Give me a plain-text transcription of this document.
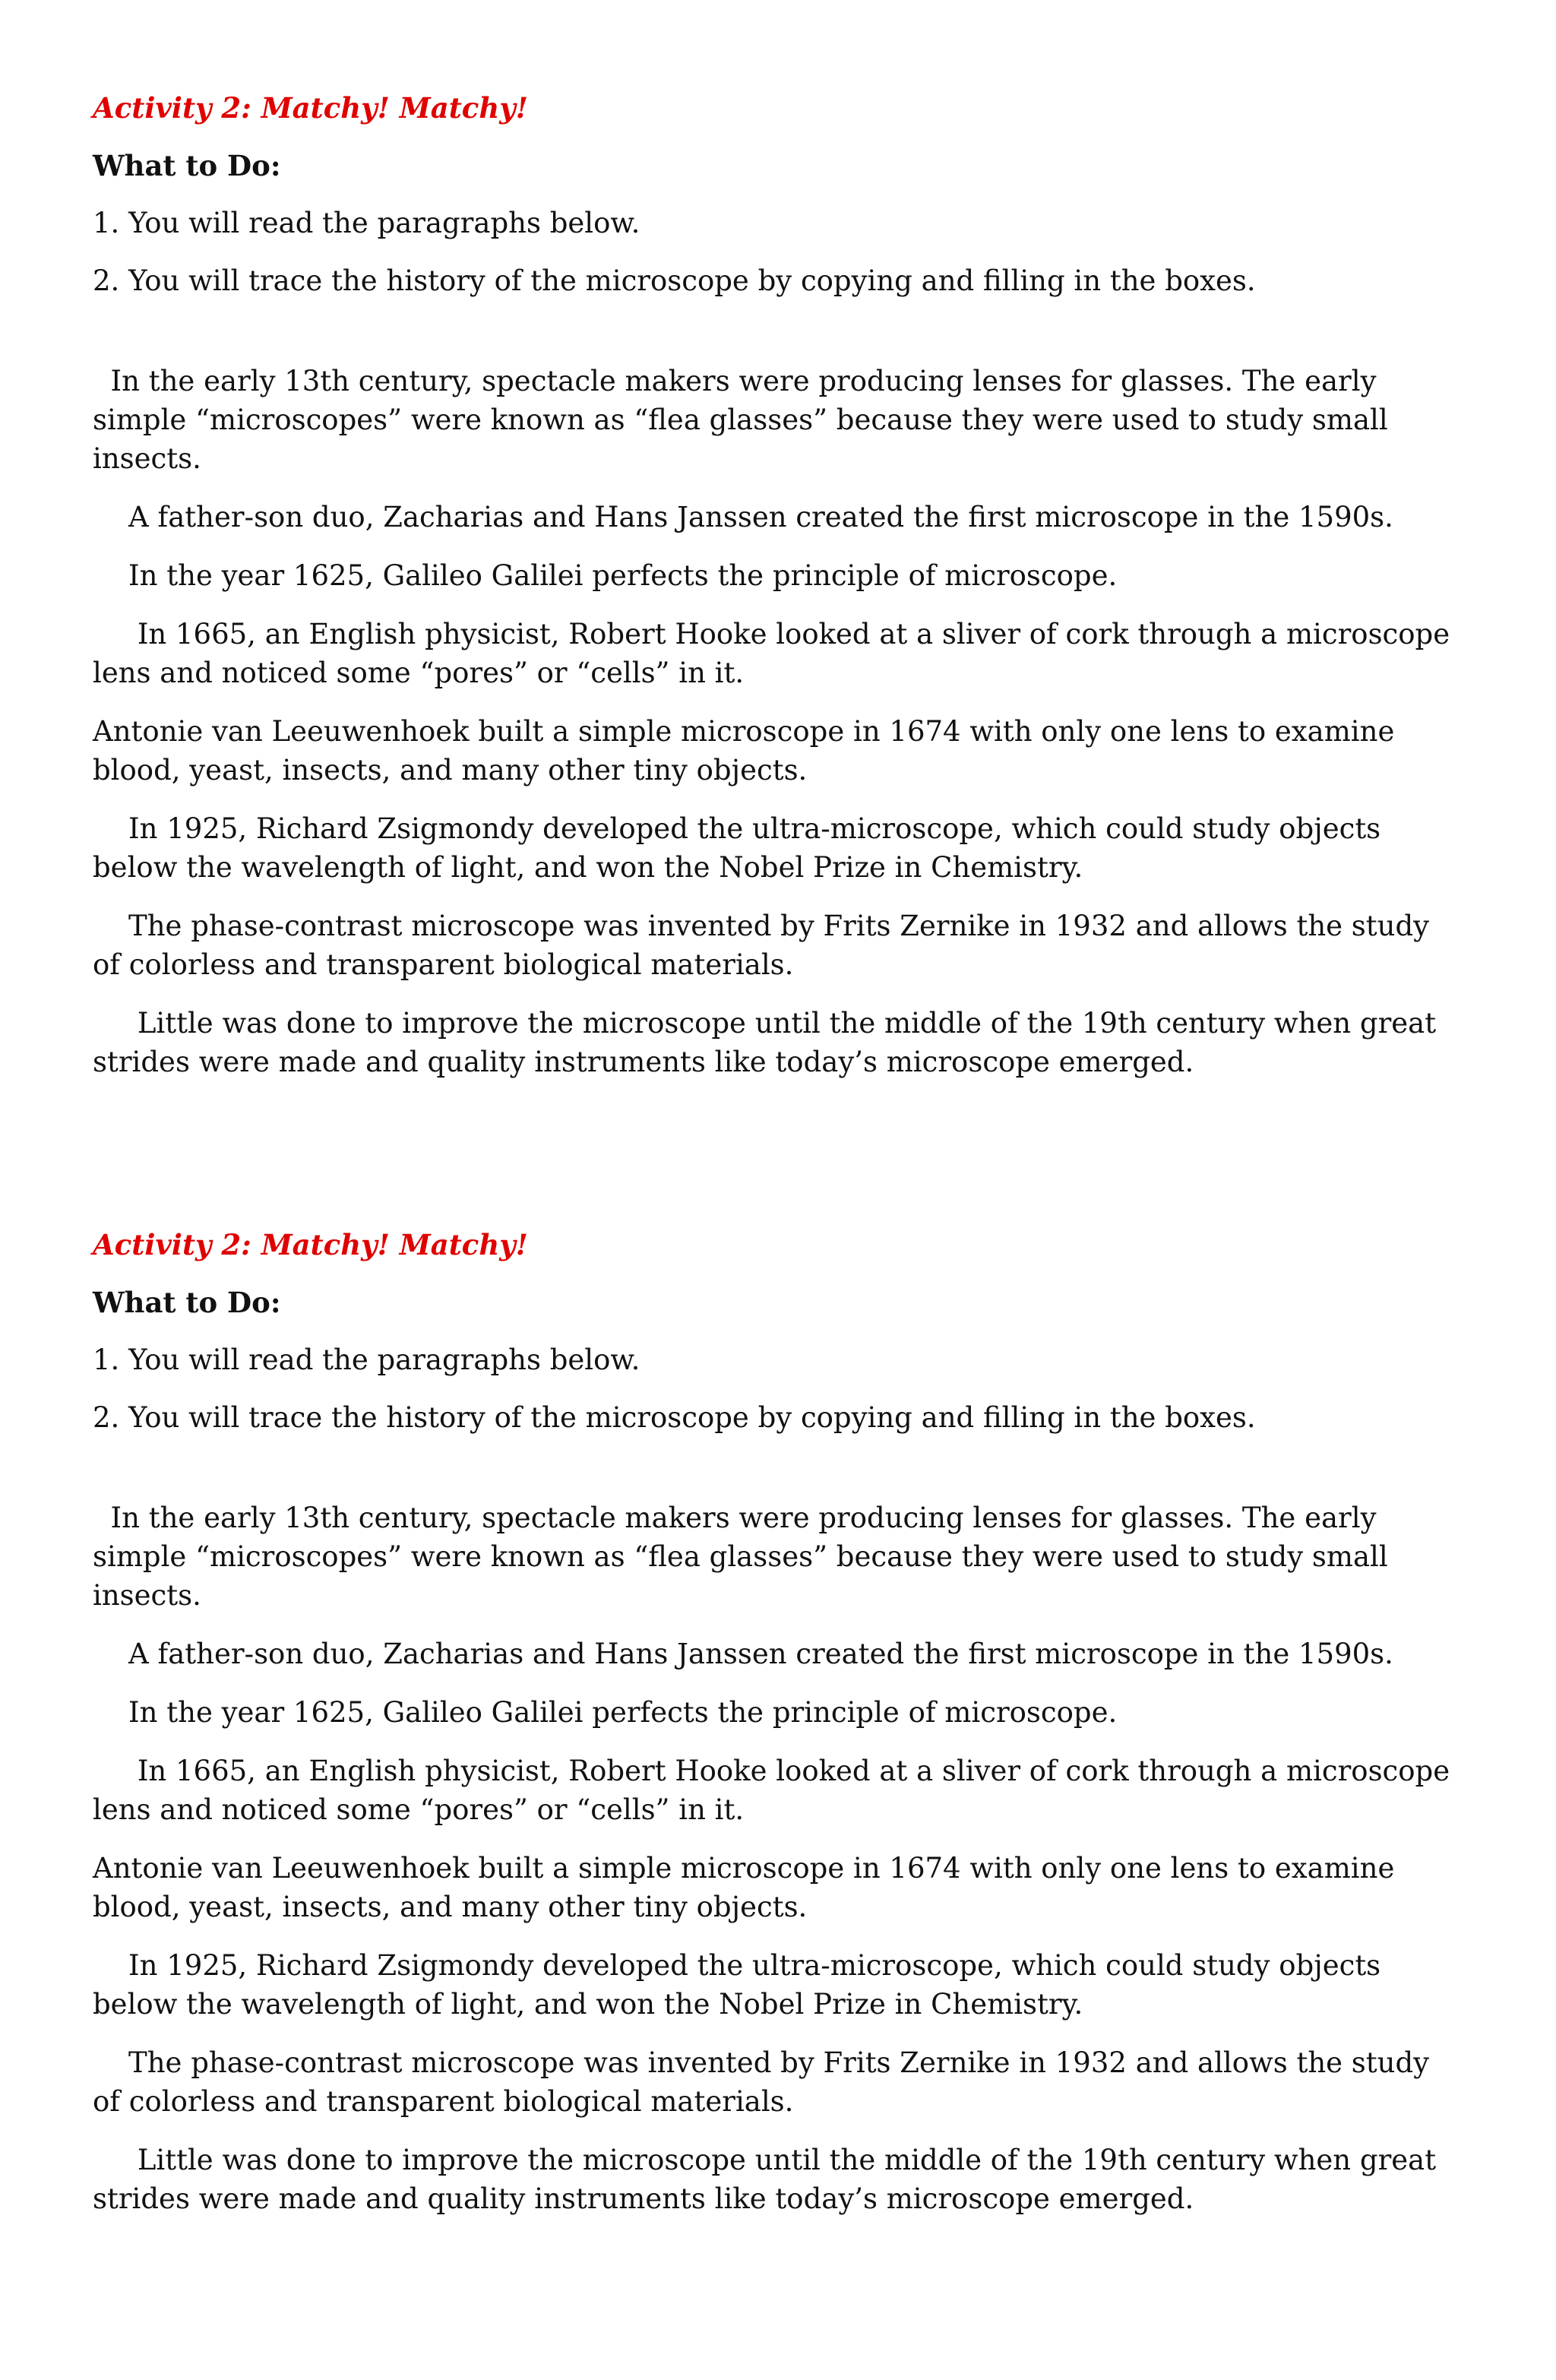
Activity 2: Matchy! Matchy!
What to Do:
1. You will read the paragraphs below.
2. You will trace the history of the microscope by copying and filling in the boxes.

In the early 13th century, spectacle makers were producing lenses for glasses. The early simple “microscopes” were known as “flea glasses” because they were used to study small insects.

A father-son duo, Zacharias and Hans Janssen created the first microscope in the 1590s.

In the year 1625, Galileo Galilei perfects the principle of microscope.

In 1665, an English physicist, Robert Hooke looked at a sliver of cork through a microscope lens and noticed some “pores” or “cells” in it.

Antonie van Leeuwenhoek built a simple microscope in 1674 with only one lens to examine blood, yeast, insects, and many other tiny objects.

In 1925, Richard Zsigmondy developed the ultra-microscope, which could study objects below the wavelength of light, and won the Nobel Prize in Chemistry.

The phase-contrast microscope was invented by Frits Zernike in 1932 and allows the study of colorless and transparent biological materials.

Little was done to improve the microscope until the middle of the 19th century when great strides were made and quality instruments like today’s microscope emerged.

Activity 2: Matchy! Matchy!
What to Do:
1. You will read the paragraphs below.
2. You will trace the history of the microscope by copying and filling in the boxes.

In the early 13th century, spectacle makers were producing lenses for glasses. The early simple “microscopes” were known as “flea glasses” because they were used to study small insects.

A father-son duo, Zacharias and Hans Janssen created the first microscope in the 1590s.

In the year 1625, Galileo Galilei perfects the principle of microscope.

In 1665, an English physicist, Robert Hooke looked at a sliver of cork through a microscope lens and noticed some “pores” or “cells” in it.

Antonie van Leeuwenhoek built a simple microscope in 1674 with only one lens to examine blood, yeast, insects, and many other tiny objects.

In 1925, Richard Zsigmondy developed the ultra-microscope, which could study objects below the wavelength of light, and won the Nobel Prize in Chemistry.

The phase-contrast microscope was invented by Frits Zernike in 1932 and allows the study of colorless and transparent biological materials.

Little was done to improve the microscope until the middle of the 19th century when great strides were made and quality instruments like today’s microscope emerged.
